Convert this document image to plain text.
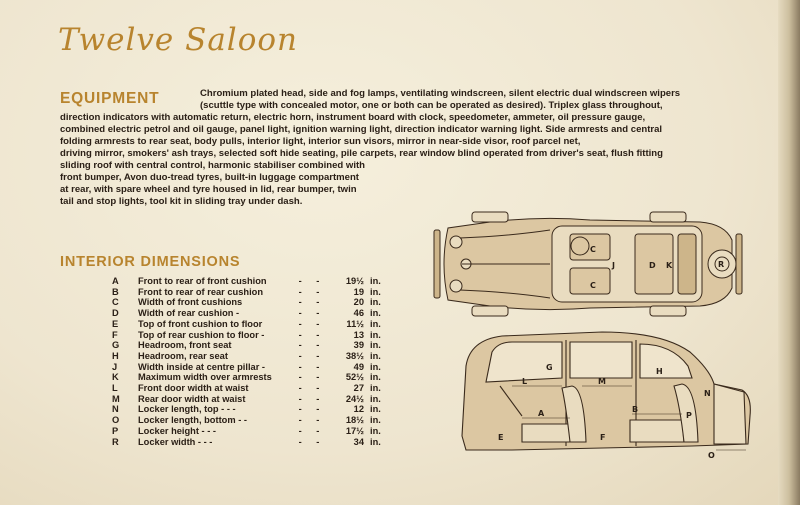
Twelve Saloon
EQUIPMENT	Chromium plated head, side and fog lamps, ventilating windscreen, silent electric dual windscreen wipers
(scuttle type with concealed motor, one or both can be operated as desired). Triplex glass throughout,
direction indicators with automatic return, electric horn, instrument board with clock, speedometer, ammeter, oil pressure gauge,
combined electric petrol and oil gauge, panel light, ignition warning light, direction indicator warning light. Side armrests and central
folding armrests to rear seat, body pulls, interior light, interior sun visors, mirror in near-side visor, roof parcel net,
driving mirror, smokers' ash trays, selected soft hide seating, pile carpets, rear window blind operated from driver's seat, flush fitting
sliding roof with central control, harmonic stabiliser combined with
front bumper, Avon duo-tread tyres, built-in luggage compartment
at rear, with spare wheel and tyre housed in lid, rear bumper, twin
tail and stop lights, tool kit in sliding tray under dash.
INTERIOR DIMENSIONS
A	Front to rear of front cushion	- -	19½	in.
B	Front to rear of rear cushion	- -	19	in.
C	Width of front cushions	- -	20	in.
D	Width of rear cushion -	- -	46	in.
E	Top of front cushion to floor	- -	11½	in.
F	Top of rear cushion to floor -	- -	13	in.
G	Headroom, front seat	- -	39	in.
H	Headroom, rear seat	- -	38½	in.
J	Width inside at centre pillar -	- -	49	in.
K	Maximum width over armrests	- -	52½	in.
L	Front door width at waist	- -	27	in.
M	Rear door width at waist	- -	24½	in.
N	Locker length, top - - -	- -	12	in.
O	Locker length, bottom - -	- -	18½	in.
P	Locker height - - -	- -	17½	in.
R	Locker width - - -	- -	34	in.
C
J
C
D K	R
G
L	M
H
N
A	B
P
E	F
O
